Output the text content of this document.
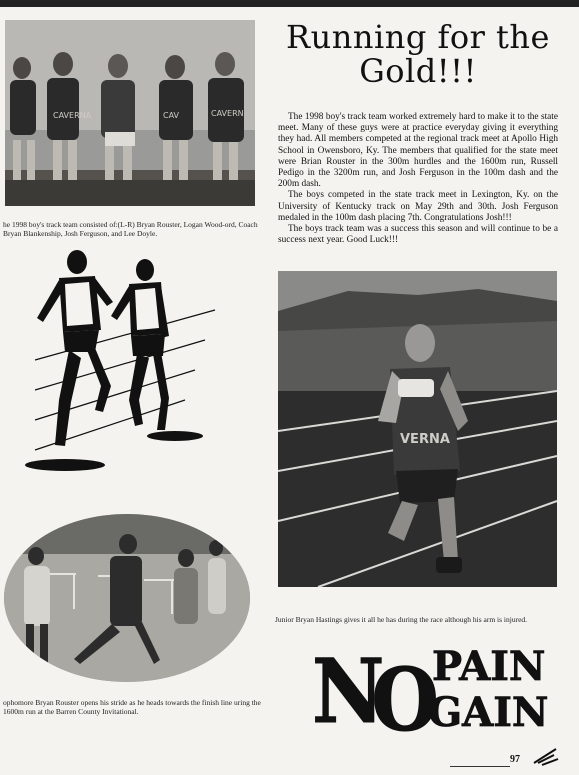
CAVERNA	CAV	CAVERN
he 1998 boy's track team consisted of:(L-R) Bryan Rouster, Logan Wood-ord, Coach Bryan Blankenship, Josh Ferguson, and Lee Doyle.
Running for the
Gold!!!

The 1998 boy's track team worked extremely hard to make it to the state meet. Many of these guys were at practice everyday giving it everything they had. All members competed at the regional track meet at Apollo High School in Owensboro, Ky. The members that qualified for the state meet were Brian Rouster in the 300m hurdles and the 1600m run, Russell Pedigo in the 3200m run, and Josh Ferguson in the 100m dash and the 200m dash.

The boys competed in the state track meet in Lexington, Ky. on the University of Kentucky track on May 29th and 30th. Josh Ferguson medaled in the 100m dash placing 7th. Congratulations Josh!!!

The boys track team was a success this season and will continue to be a success next year. Good Luck!!!

ophomore Bryan Rouster opens his stride as he heads towards the finish line uring the 1600m run at the Barren County Invitational.
VERNA
Junior Bryan Hastings gives it all he has during the race although his arm is injured.
N
O
PAIN
GAIN
97
